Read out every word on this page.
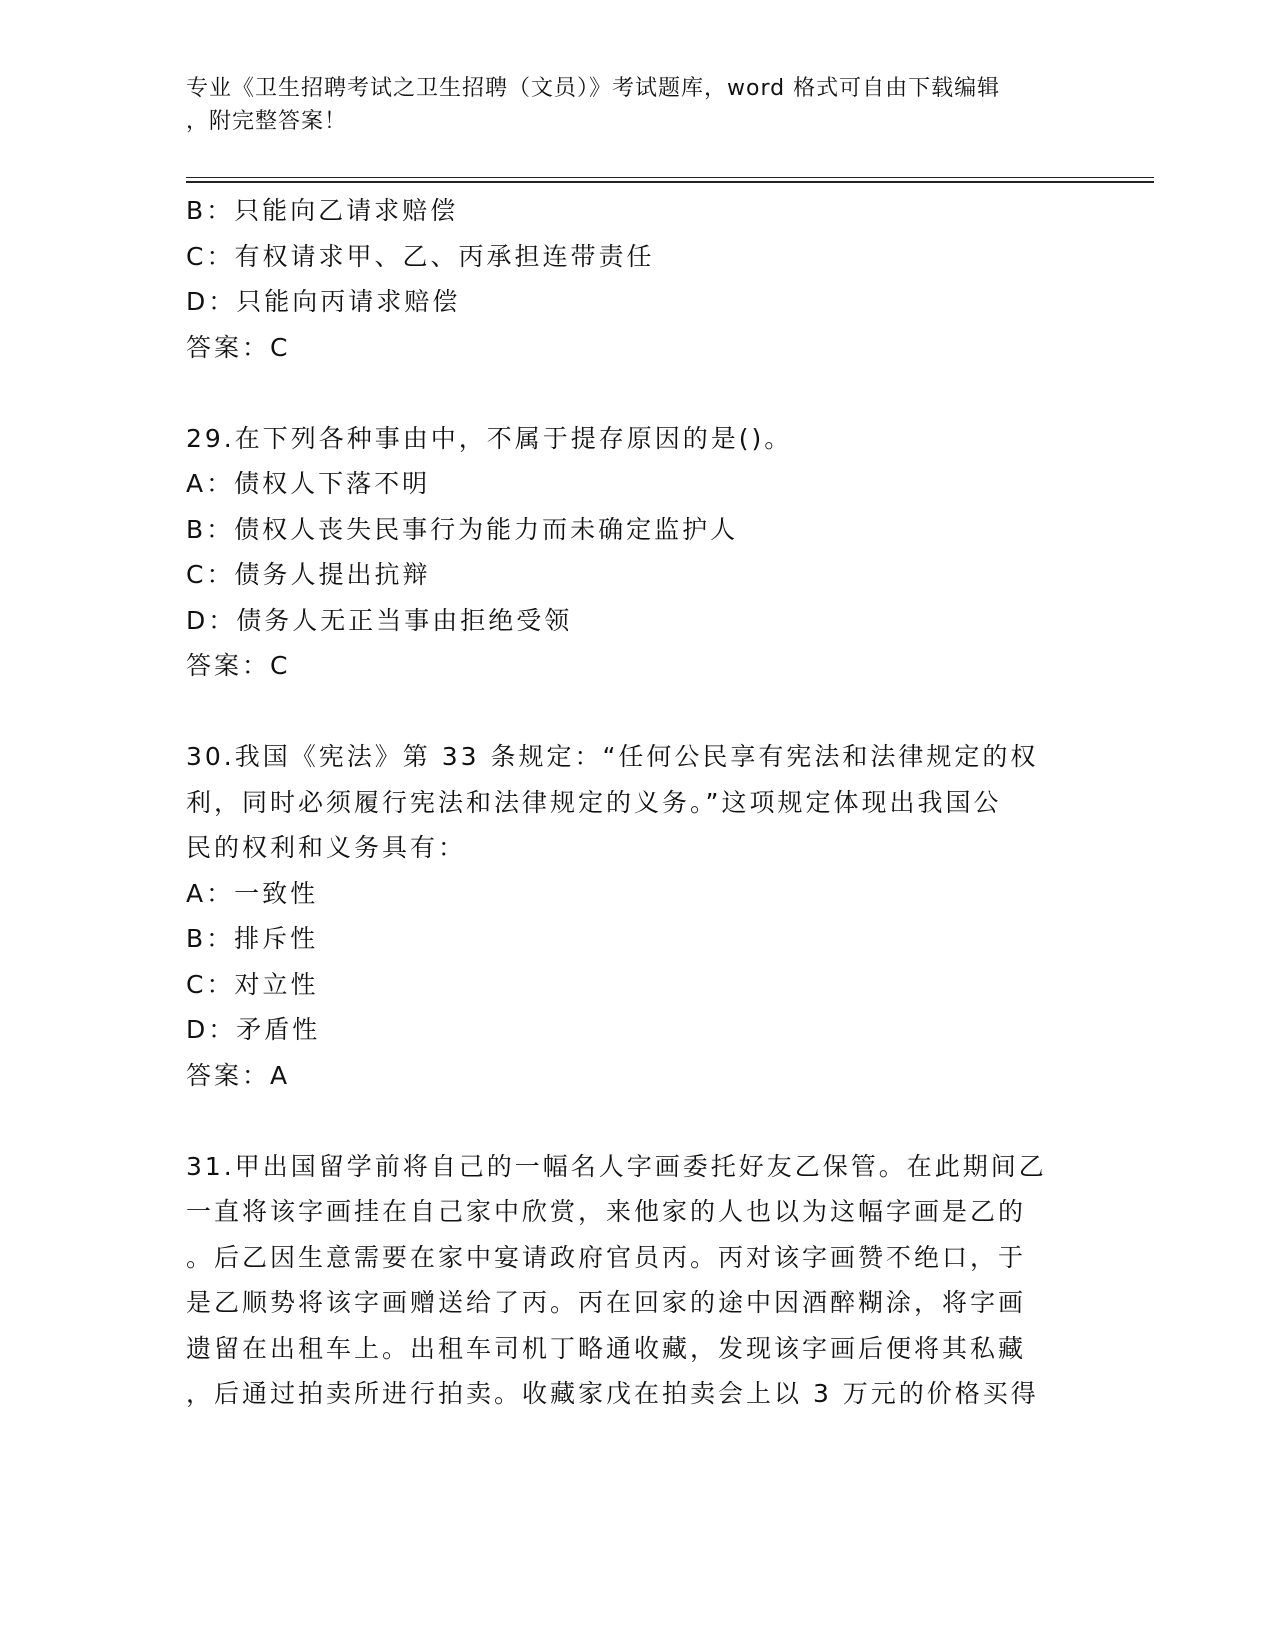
专业《卫生招聘考试之卫生招聘（文员）》考试题库，word 格式可自由下载编辑
，附完整答案！
B：只能向乙请求赔偿
C：有权请求甲、乙、丙承担连带责任
D：只能向丙请求赔偿
答案：C
29.在下列各种事由中，不属于提存原因的是()。
A：债权人下落不明
B：债权人丧失民事行为能力而未确定监护人
C：债务人提出抗辩
D：债务人无正当事由拒绝受领
答案：C
30.我国《宪法》第 33 条规定：“任何公民享有宪法和法律规定的权
利，同时必须履行宪法和法律规定的义务。”这项规定体现出我国公
民的权利和义务具有：
A：一致性
B：排斥性
C：对立性
D：矛盾性
答案：A
31.甲出国留学前将自己的一幅名人字画委托好友乙保管。在此期间乙
一直将该字画挂在自己家中欣赏，来他家的人也以为这幅字画是乙的
。后乙因生意需要在家中宴请政府官员丙。丙对该字画赞不绝口，于
是乙顺势将该字画赠送给了丙。丙在回家的途中因酒醉糊涂，将字画
遗留在出租车上。出租车司机丁略通收藏，发现该字画后便将其私藏
，后通过拍卖所进行拍卖。收藏家戊在拍卖会上以 3 万元的价格买得
